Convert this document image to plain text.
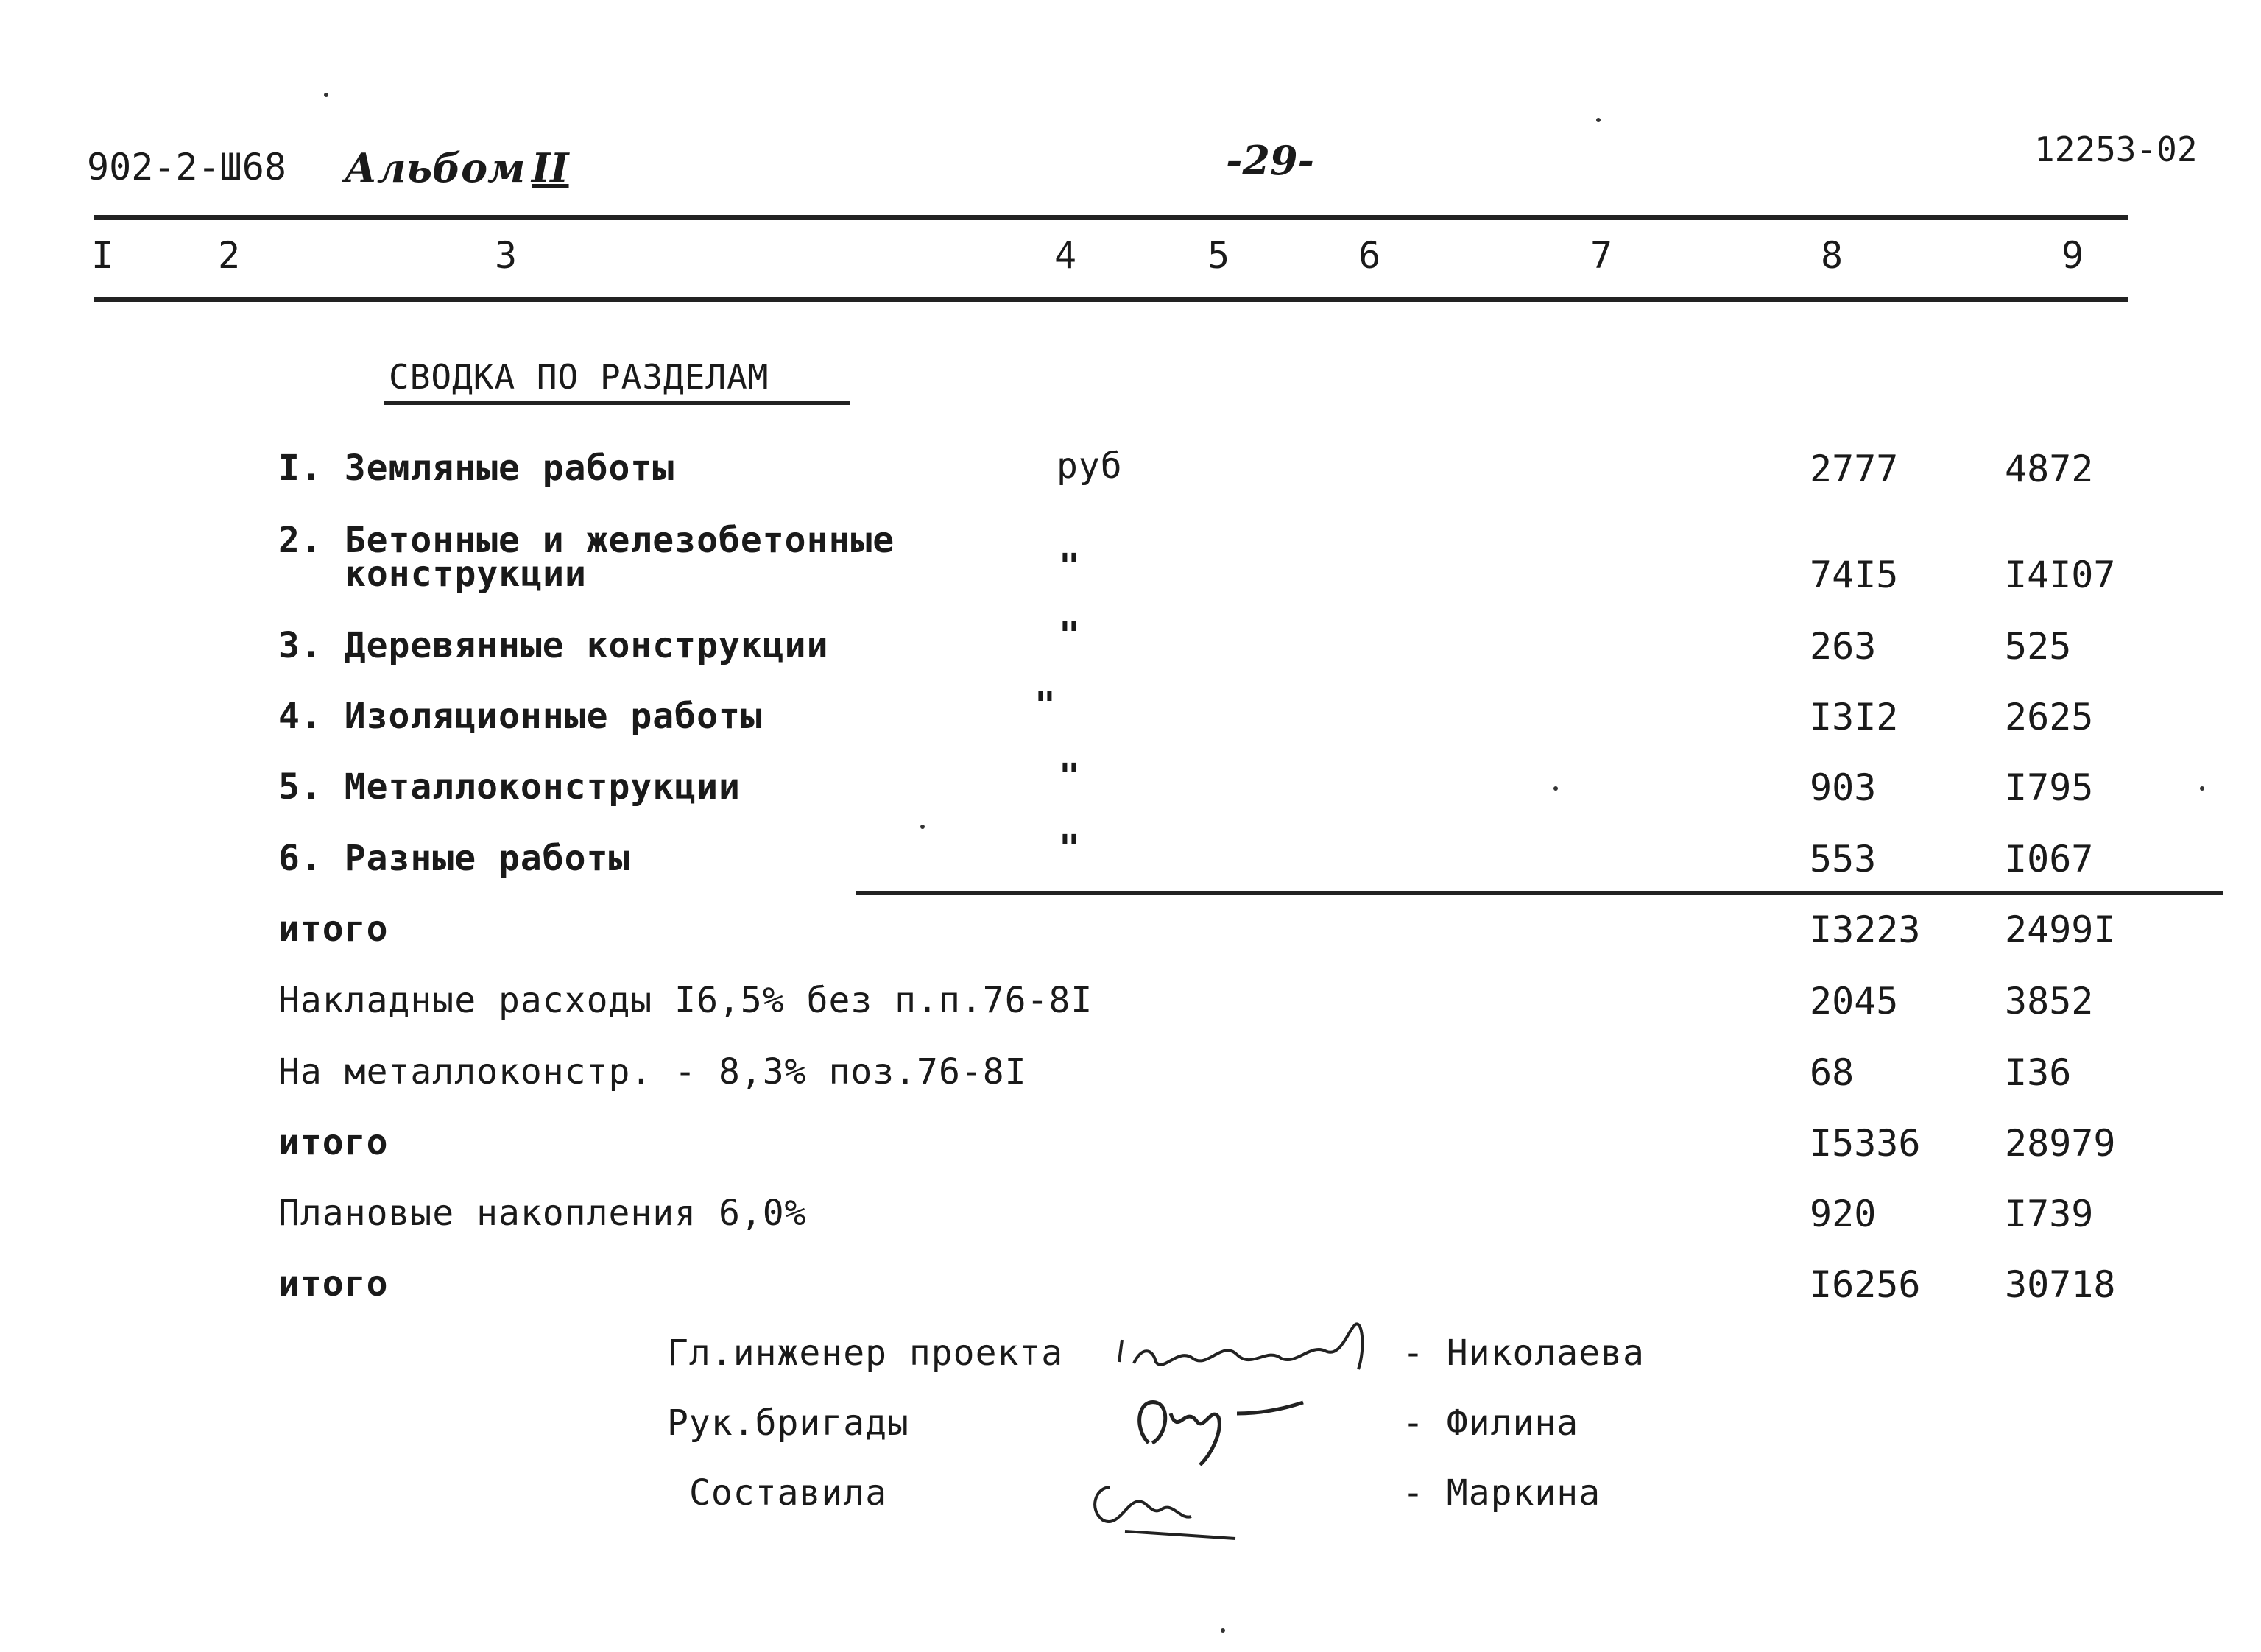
902-2-Ш68 Альбом II	-29-	12253-02
I	2	3	4	5	6	7	8	9
СВОДКА ПО РАЗДЕЛАМ
I. Земляные работы	руб	2777	4872
2. Бетонные и железобетонные
конструкции	"	74I5	I4I07
3. Деревянные конструкции	"	263	525
4. Изоляционные работы	"	I3I2	2625
5. Металлоконструкции	"	903	I795
6. Разные работы	"	553	I067
итого	I3223 2499I
Накладные расходы I6,5% без п.п.76-8I	2045	3852
На металлоконстр. - 8,3% поз.76-8I	68	I36
итого	I5336 28979
Плановые накопления 6,0%	920	I739
итого	I6256 30718
Гл.инженер проекта	- Николаева
Рук.бригады	- Филина
Составила	- Маркина
